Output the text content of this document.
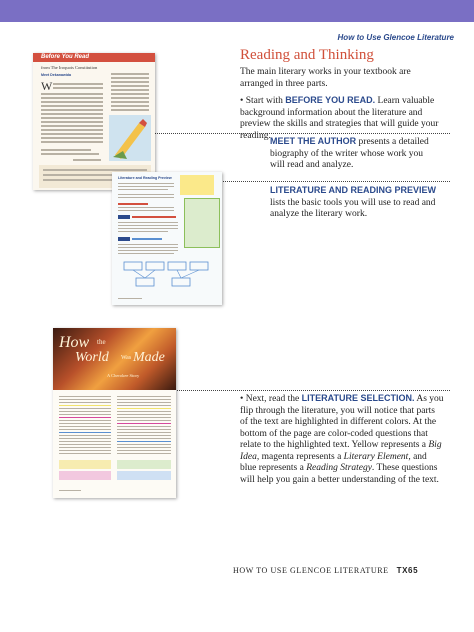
How to Use Glencoe Literature
Reading and Thinking

The main literary works in your textbook are arranged in three parts.

• Start with BEFORE YOU READ. Learn valuable background information about the literature and preview the skills and strategies that will guide your reading.

MEET THE AUTHOR presents a detailed biography of the writer whose work you will read and analyze.

LITERATURE AND READING PREVIEW lists the basic tools you will use to read and analyze the literary work.

• Next, read the LITERATURE SELECTION. As you flip through the literature, you will notice that parts of the text are highlighted in different colors. At the bottom of the page are color-coded questions that relate to the highlighted text. Yellow represents a Big Idea, magenta represents a Literary Element, and blue represents a Reading Strategy. These questions will help you gain a better understanding of the text.

Before You Read
from The Iroquois Constitution
Meet Dekanawida
W
Literature and Reading Preview
How the
World Was Made
A Cherokee Story
HOW TO USE GLENCOE LITERATURE TX65
